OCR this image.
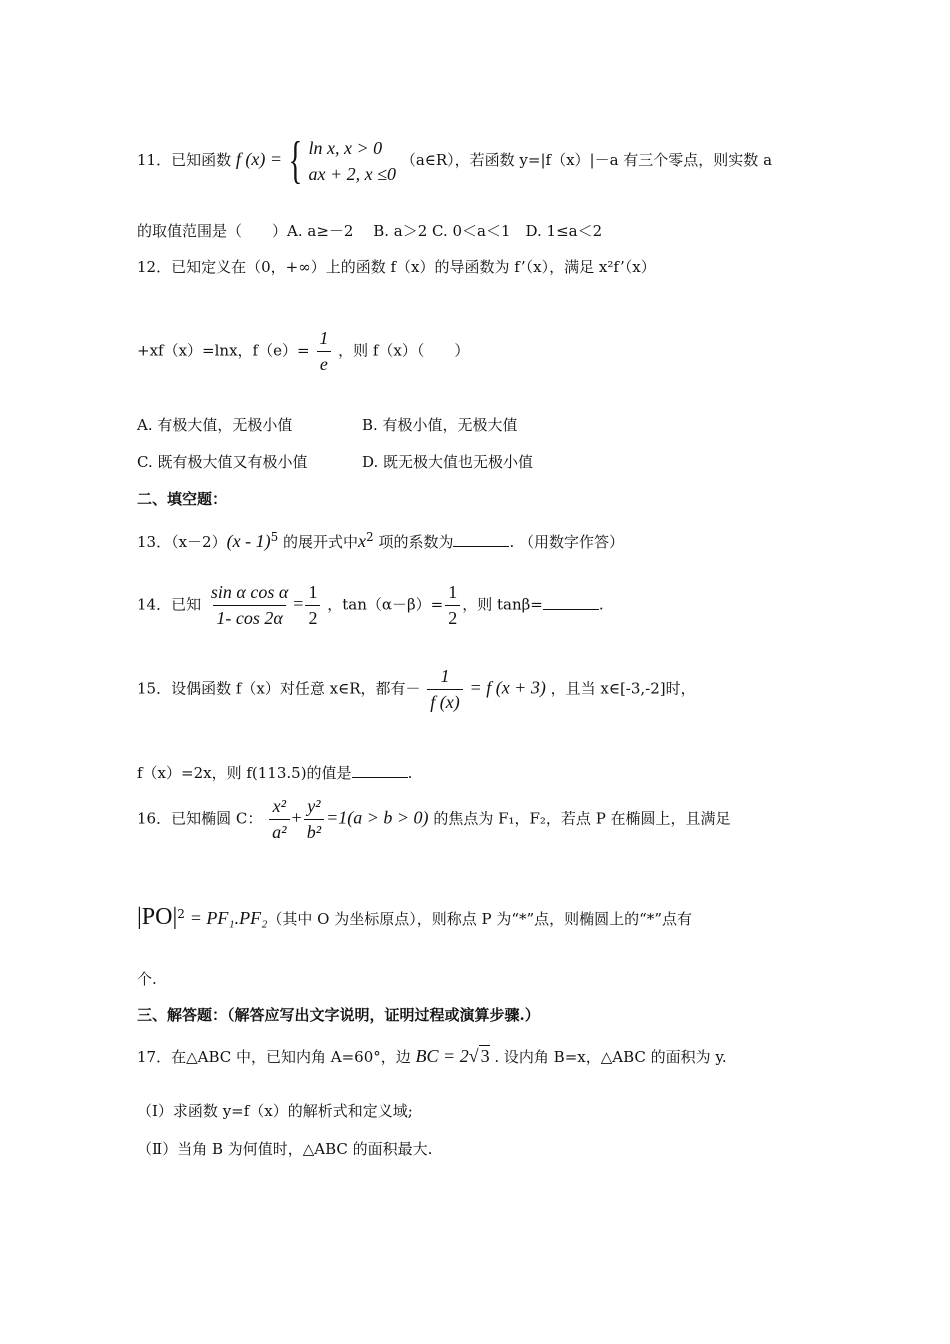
11．已知函数 f (x) = { ln x, x > 0
ax + 2, x ≤0
（a∈R），若函数 y=|f（x）|－a 有三个零点，则实数 a
的取值范围是（　　）A. a≥－2　 B. a＞2 C. 0＜a＜1　D. 1≤a＜2
12．已知定义在（0，+∞）上的函数 f（x）的导函数为 f’（x），满足 x²f’（x）
+xf（x）=lnx，$f(e)= \frac{1}{e}$ ，则 f（x）（　　）
A. 有极大值，无极小值	B. 有极小值，无极大值
C. 既有极大值又有极小值	D. 既无极大值也无极小值
二、填空题：
13．（x－2）(x - 1)$^5$ 的展开式中$x^2$ 项的系数为	. （用数字作答）
14．已知 $\frac{\text{sin α cos α}}{1- \cos 2\alpha} = \frac{1}{2}$ ，$\tan(\alpha-\beta)= \frac{1}{2}$ ，则 tanβ=	.
15．设偶函数 f（x）对任意 x∈R，都有－ $\frac{1}{f (x)} = f$ (x + 3) ，且当 x∈[-3,-2]时，
f（x）=2x，则 f(113.5)的值是	.
16．已知椭圆 C： $\frac{\text{x²}}{\text{a²}} + \frac{\text{y²}}{\text{b²}} =1(a > b > 0)$ 的焦点为 F₁，F₂，若点 P 在椭圆上，且满足
$|PO|^2 = PF_1.PF_2$（其中 O 为坐标原点），则称点 P 为“*”点，则椭圆上的“*”点有
个.
三、解答题：（解答应写出文字说明，证明过程或演算步骤.）
17．在△ABC 中，已知内角 A=60°，边 BC = 2√ 3 . 设内角 B=x，△ABC 的面积为 y.
（Ⅰ）求函数 y=f（x）的解析式和定义域;
（Ⅱ）当角 B 为何值时，△ABC 的面积最大.
